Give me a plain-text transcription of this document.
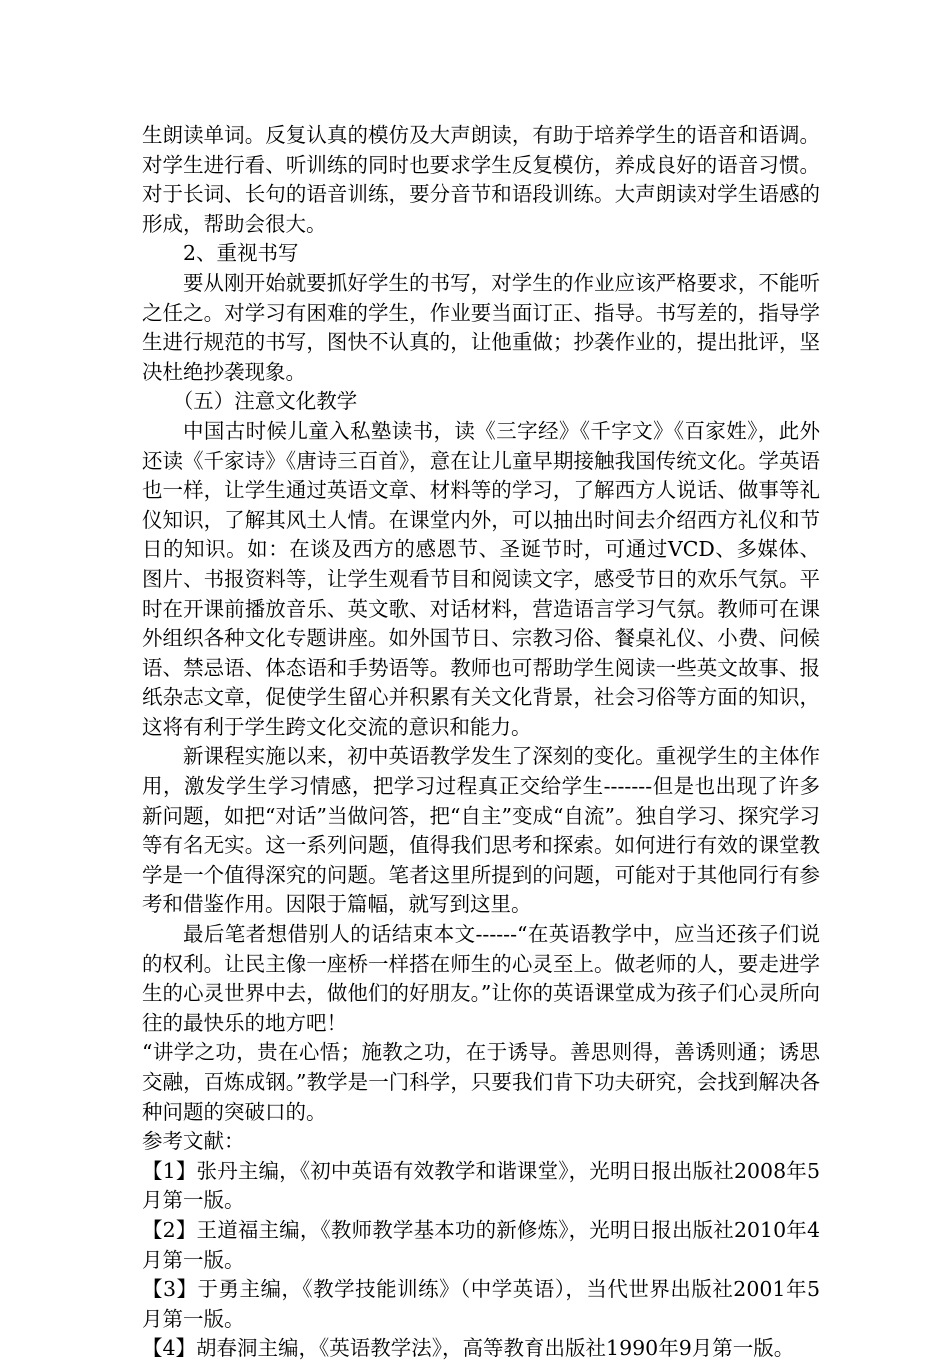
生朗读单词。反复认真的模仿及大声朗读，有助于培养学生的语音和语调。对学生进行看、听训练的同时也要求学生反复模仿，养成良好的语音习惯。对于长词、长句的语音训练，要分音节和语段训练。大声朗读对学生语感的形成，帮助会很大。

2、重视书写

要从刚开始就要抓好学生的书写，对学生的作业应该严格要求，不能听之任之。对学习有困难的学生，作业要当面订正、指导。书写差的，指导学生进行规范的书写，图快不认真的，让他重做；抄袭作业的，提出批评，坚决杜绝抄袭现象。

（五）注意文化教学

中国古时候儿童入私塾读书，读《三字经》《千字文》《百家姓》，此外还读《千家诗》《唐诗三百首》，意在让儿童早期接触我国传统文化。学英语也一样，让学生通过英语文章、材料等的学习，了解西方人说话、做事等礼仪知识，了解其风土人情。在课堂内外，可以抽出时间去介绍西方礼仪和节日的知识。如：在谈及西方的感恩节、圣诞节时，可通过VCD、多媒体、图片、书报资料等，让学生观看节目和阅读文字，感受节日的欢乐气氛。平时在开课前播放音乐、英文歌、对话材料，营造语言学习气氛。教师可在课外组织各种文化专题讲座。如外国节日、宗教习俗、餐桌礼仪、小费、问候语、禁忌语、体态语和手势语等。教师也可帮助学生阅读一些英文故事、报纸杂志文章，促使学生留心并积累有关文化背景，社会习俗等方面的知识，这将有利于学生跨文化交流的意识和能力。

新课程实施以来，初中英语教学发生了深刻的变化。重视学生的主体作用，激发学生学习情感，把学习过程真正交给学生-------但是也出现了许多新问题，如把“对话”当做问答，把“自主”变成“自流”。独自学习、探究学习等有名无实。这一系列问题，值得我们思考和探索。如何进行有效的课堂教学是一个值得深究的问题。笔者这里所提到的问题，可能对于其他同行有参考和借鉴作用。因限于篇幅，就写到这里。

最后笔者想借别人的话结束本文------“在英语教学中，应当还孩子们说的权利。让民主像一座桥一样搭在师生的心灵至上。做老师的人，要走进学生的心灵世界中去，做他们的好朋友。”让你的英语课堂成为孩子们心灵所向往的最快乐的地方吧！

“讲学之功，贵在心悟；施教之功，在于诱导。善思则得，善诱则通；诱思交融，百炼成钢。”教学是一门科学，只要我们肯下功夫研究，会找到解决各种问题的突破口的。

参考文献：

【1】张丹主编，《初中英语有效教学和谐课堂》，光明日报出版社2008年5月第一版。

【2】王道福主编，《教师教学基本功的新修炼》，光明日报出版社2010年4月第一版。

【3】于勇主编，《教学技能训练》（中学英语），当代世界出版社2001年5月第一版。

【4】胡春洞主编，《英语教学法》，高等教育出版社1990年9月第一版。
